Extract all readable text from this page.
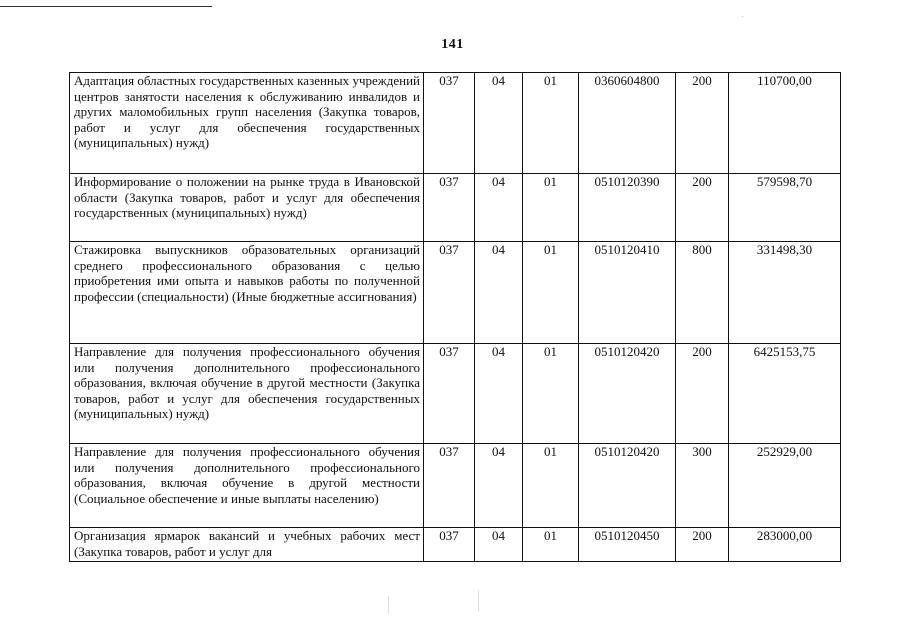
141
Адаптация областных государственных казенных учреждений центров занятости населения к обслуживанию инвалидов и других маломобильных групп населения (Закупка товаров, работ и услуг для обеспечения государственных (муниципальных) нужд)	037	04	01	0360604800	200	110700,00
Информирование о положении на рынке труда в Ивановской области (Закупка товаров, работ и услуг для обеспечения государственных (муниципальных) нужд)	037	04	01	0510120390	200	579598,70
Стажировка выпускников образовательных организаций среднего профессионального образования с целью приобретения ими опыта и навыков работы по полученной профессии (специальности) (Иные бюджетные ассигнования)	037	04	01	0510120410	800	331498,30
Направление для получения профессионального обучения или получения дополнительного профессионального образования, включая обучение в другой местности (Закупка товаров, работ и услуг для обеспечения государственных (муниципальных) нужд)	037	04	01	0510120420	200	6425153,75
Направление для получения профессионального обучения или получения дополнительного профессионального образования, включая обучение в другой местности (Социальное обеспечение и иные выплаты населению)	037	04	01	0510120420	300	252929,00
Организация ярмарок вакансий и учебных рабочих мест (Закупка товаров, работ и услуг для	037	04	01	0510120450	200	283000,00
